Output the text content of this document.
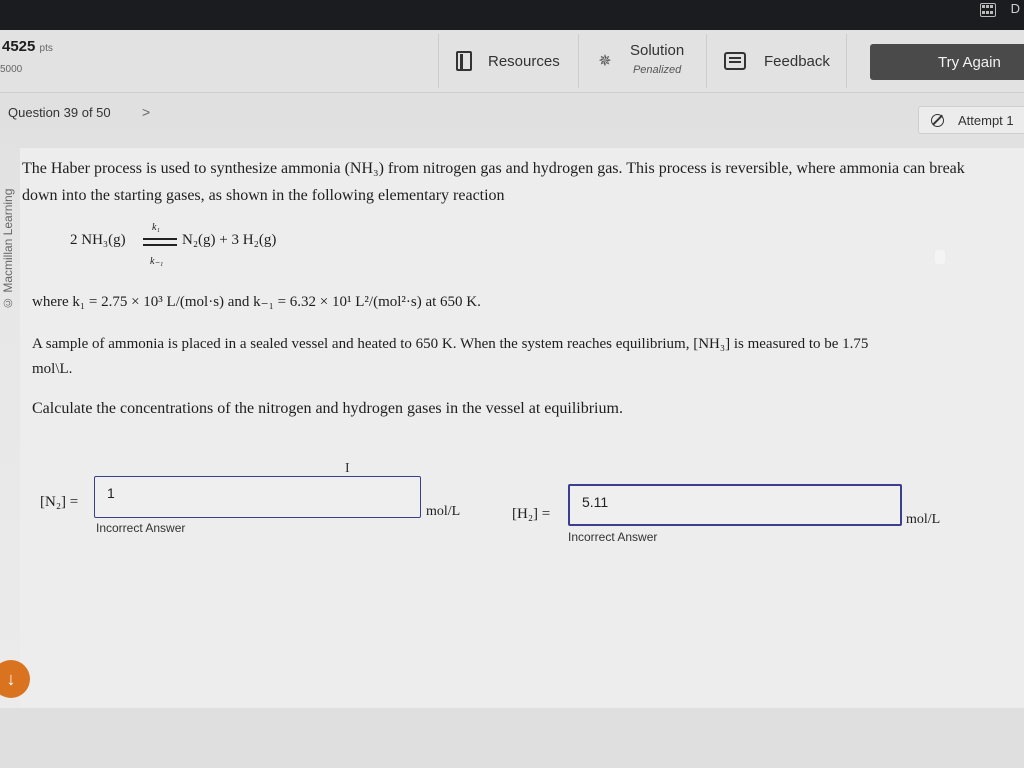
D
4525 pts
5000	Resources ✵
Solution
Penalized
Feedback	Try Again
Question 39 of 50 >	Attempt 1
© Macmillan Learning
The Haber process is used to synthesize ammonia (NH₃) from nitrogen gas and hydrogen gas. This process is reversible, where ammonia can break down into the starting gases, as shown in the following elementary reaction
2 NH₃(g)
k₁
k₋₁
N₂(g) + 3 H₂(g)
where k₁ = 2.75 × 10³ L/(mol·s) and k₋₁ = 6.32 × 10¹ L²/(mol²·s) at 650 K.
A sample of ammonia is placed in a sealed vessel and heated to 650 K. When the system reaches equilibrium, [NH₃] is measured to be 1.75 mol\L.
Calculate the concentrations of the nitrogen and hydrogen gases in the vessel at equilibrium.
I
[N₂] =
1
mol/L
Incorrect Answer
[H₂] =
5.11
mol/L
Incorrect Answer
↓
